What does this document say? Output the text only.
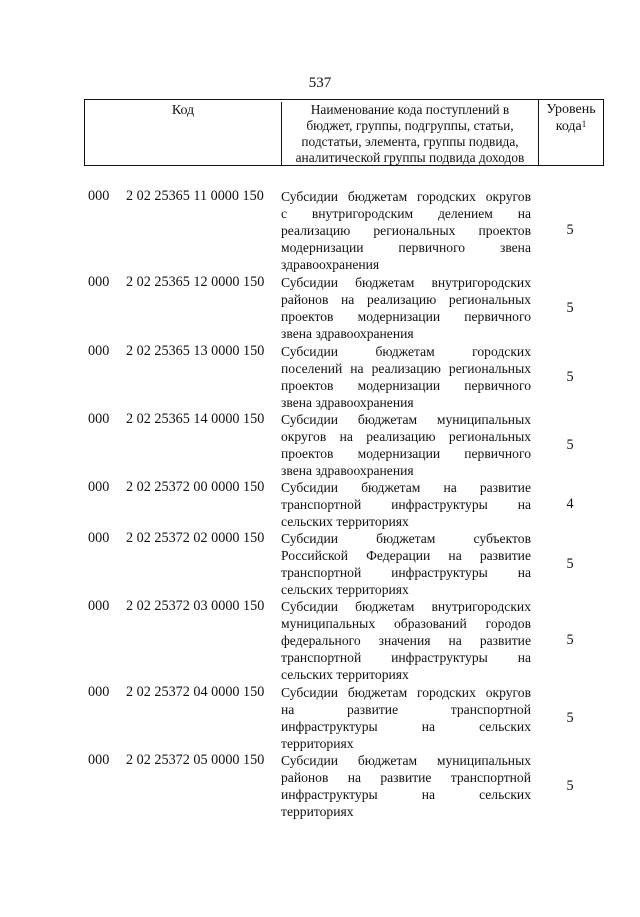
537
Код	Наименование кода поступлений в
бюджет, группы, подгруппы, статьи,
подстатьи, элемента, группы подвида,
аналитической группы подвида доходов
Уровень
кода$^1$
000 2 02 25365 11 0000 150 Субсидии бюджетам городских округов
с внутригородским делением на
реализацию региональных проектов
модернизации первичного звена
здравоохранения
5
000 2 02 25365 12 0000 150 Субсидии бюджетам внутригородских
районов на реализацию региональных
проектов модернизации первичного
звена здравоохранения
5
000 2 02 25365 13 0000 150 Субсидии бюджетам городских
поселений на реализацию региональных
проектов модернизации первичного
звена здравоохранения
5
000 2 02 25365 14 0000 150 Субсидии бюджетам муниципальных
округов на реализацию региональных
проектов модернизации первичного
звена здравоохранения
5
000 2 02 25372 00 0000 150 Субсидии бюджетам на развитие
транспортной инфраструктуры на
сельских территориях
4
000 2 02 25372 02 0000 150 Субсидии бюджетам субъектов
Российской Федерации на развитие
транспортной инфраструктуры на
сельских территориях
5
000 2 02 25372 03 0000 150 Субсидии бюджетам внутригородских
муниципальных образований городов
федерального значения на развитие
транспортной инфраструктуры на
сельских территориях
5
000 2 02 25372 04 0000 150 Субсидии бюджетам городских округов
на развитие транспортной
инфраструктуры на сельских
территориях
5
000 2 02 25372 05 0000 150 Субсидии бюджетам муниципальных
районов на развитие транспортной
инфраструктуры на сельских
территориях
5
